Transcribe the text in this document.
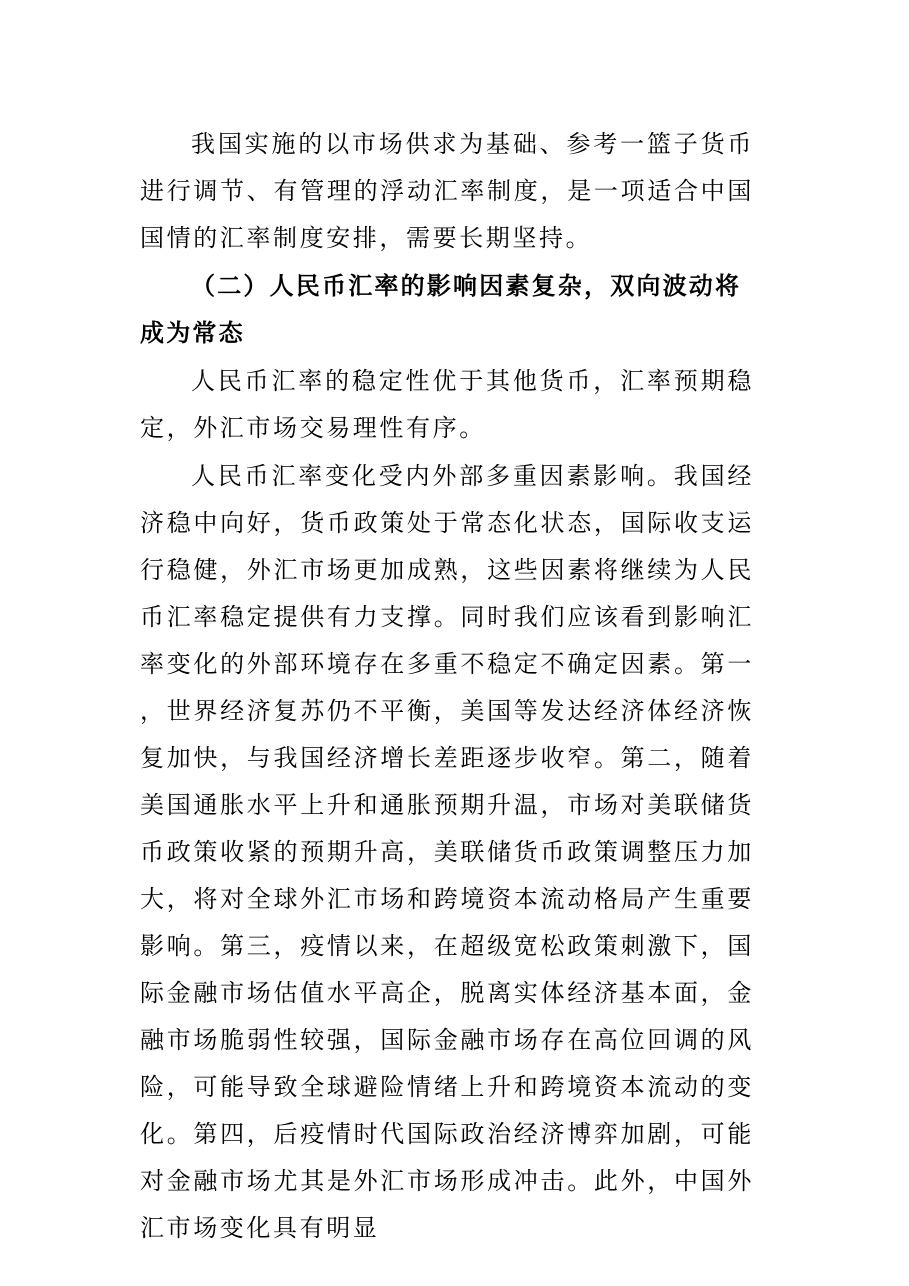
我国实施的以市场供求为基础、参考一篮子货币进行调节、有管理的浮动汇率制度，是一项适合中国国情的汇率制度安排，需要长期坚持。

（二）人民币汇率的影响因素复杂，双向波动将成为常态

人民币汇率的稳定性优于其他货币，汇率预期稳定，外汇市场交易理性有序。

人民币汇率变化受内外部多重因素影响。我国经济稳中向好，货币政策处于常态化状态，国际收支运行稳健，外汇市场更加成熟，这些因素将继续为人民币汇率稳定提供有力支撑。同时我们应该看到影响汇率变化的外部环境存在多重不稳定不确定因素。第一，世界经济复苏仍不平衡，美国等发达经济体经济恢复加快，与我国经济增长差距逐步收窄。第二，随着美国通胀水平上升和通胀预期升温，市场对美联储货币政策收紧的预期升高，美联储货币政策调整压力加大，将对全球外汇市场和跨境资本流动格局产生重要影响。第三，疫情以来，在超级宽松政策刺激下，国际金融市场估值水平高企，脱离实体经济基本面，金融市场脆弱性较强，国际金融市场存在高位回调的风险，可能导致全球避险情绪上升和跨境资本流动的变化。第四，后疫情时代国际政治经济博弈加剧，可能对金融市场尤其是外汇市场形成冲击。此外，中国外汇市场变化具有明显
